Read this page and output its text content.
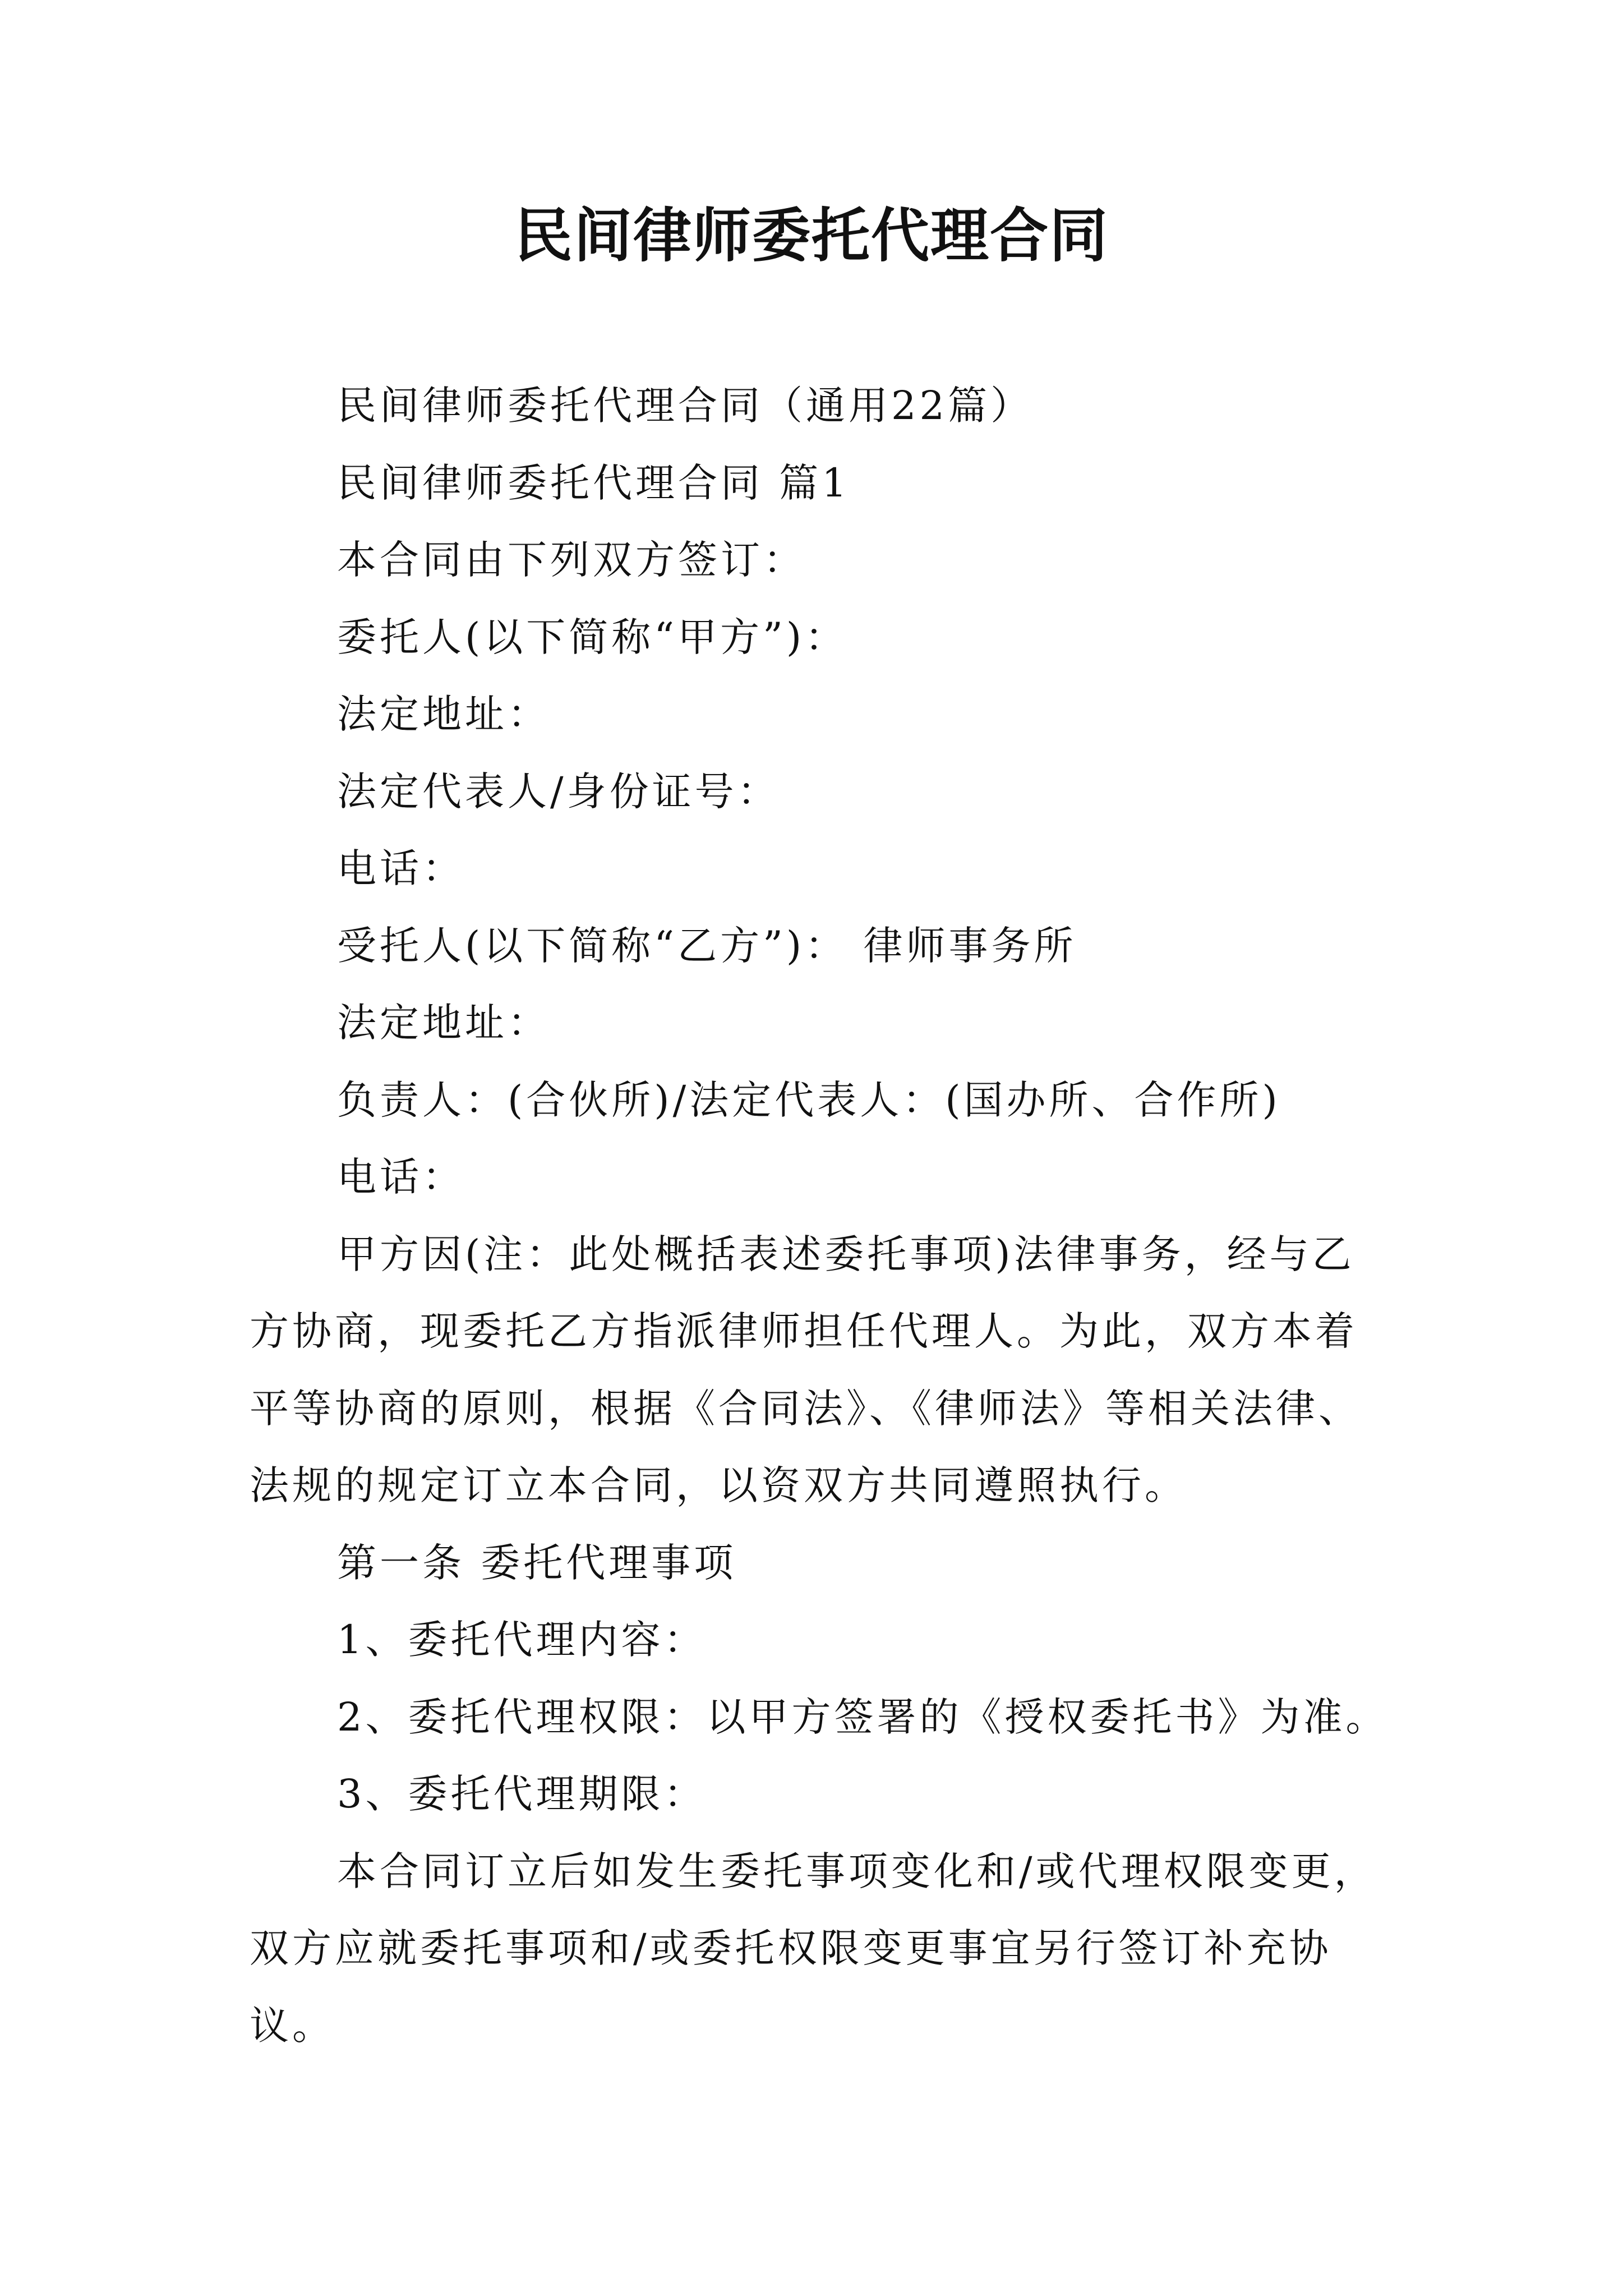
民间律师委托代理合同
民间律师委托代理合同（通用22篇）
民间律师委托代理合同 篇1
本合同由下列双方签订：
委托人(以下简称“甲方”)：
法定地址：
法定代表人/身份证号：
电话：
受托人(以下简称“乙方”)： 律师事务所
法定地址：
负责人：(合伙所)/法定代表人：(国办所、合作所)
电话：
甲方因(注：此处概括表述委托事项)法律事务，经与乙
方协商，现委托乙方指派律师担任代理人。为此，双方本着
平等协商的原则，根据《合同法》、《律师法》等相关法律、
法规的规定订立本合同，以资双方共同遵照执行。
第一条 委托代理事项
1、委托代理内容：
2、委托代理权限：以甲方签署的《授权委托书》为准。
3、委托代理期限：
本合同订立后如发生委托事项变化和/或代理权限变更，
双方应就委托事项和/或委托权限变更事宜另行签订补充协
议。
